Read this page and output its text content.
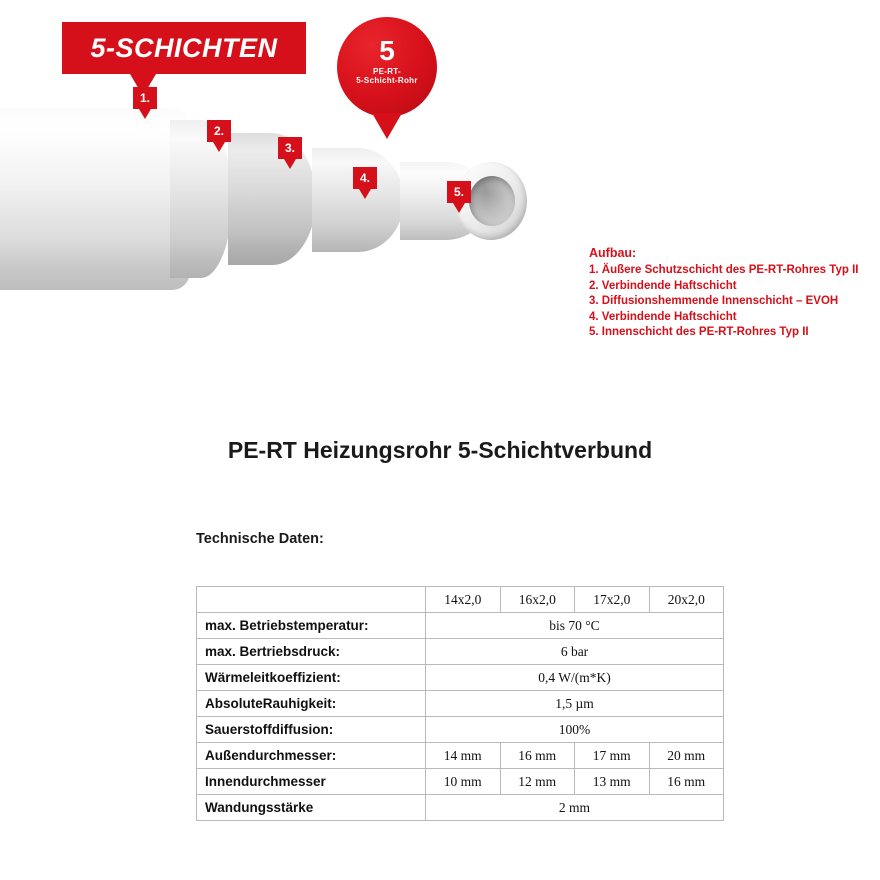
5-SCHICHTEN	5
PE-RT-
5-Schicht-Rohr
1.
2.
3.
4.
5.
Aufbau:
1. Äußere Schutzschicht des PE-RT-Rohres Typ II
2. Verbindende Haftschicht
3. Diffusionshemmende Innenschicht – EVOH
4. Verbindende Haftschicht
5. Innenschicht des PE-RT-Rohres Typ II
PE-RT Heizungsrohr 5-Schichtverbund
Technische Daten:
	14x2,0	16x2,0	17x2,0	20x2,0
max. Betriebstemperatur:	bis 70 °C			
max. Bertriebsdruck:	6 bar			
Wärmeleitkoeffizient:	0,4 W/(m*K)			
AbsoluteRauhigkeit:	1,5 µm			
Sauerstoffdiffusion:	100%			
Außendurchmesser:	14 mm	16 mm	17 mm	20 mm
Innendurchmesser	10 mm	12 mm	13 mm	16 mm
Wandungsstärke	2 mm			
